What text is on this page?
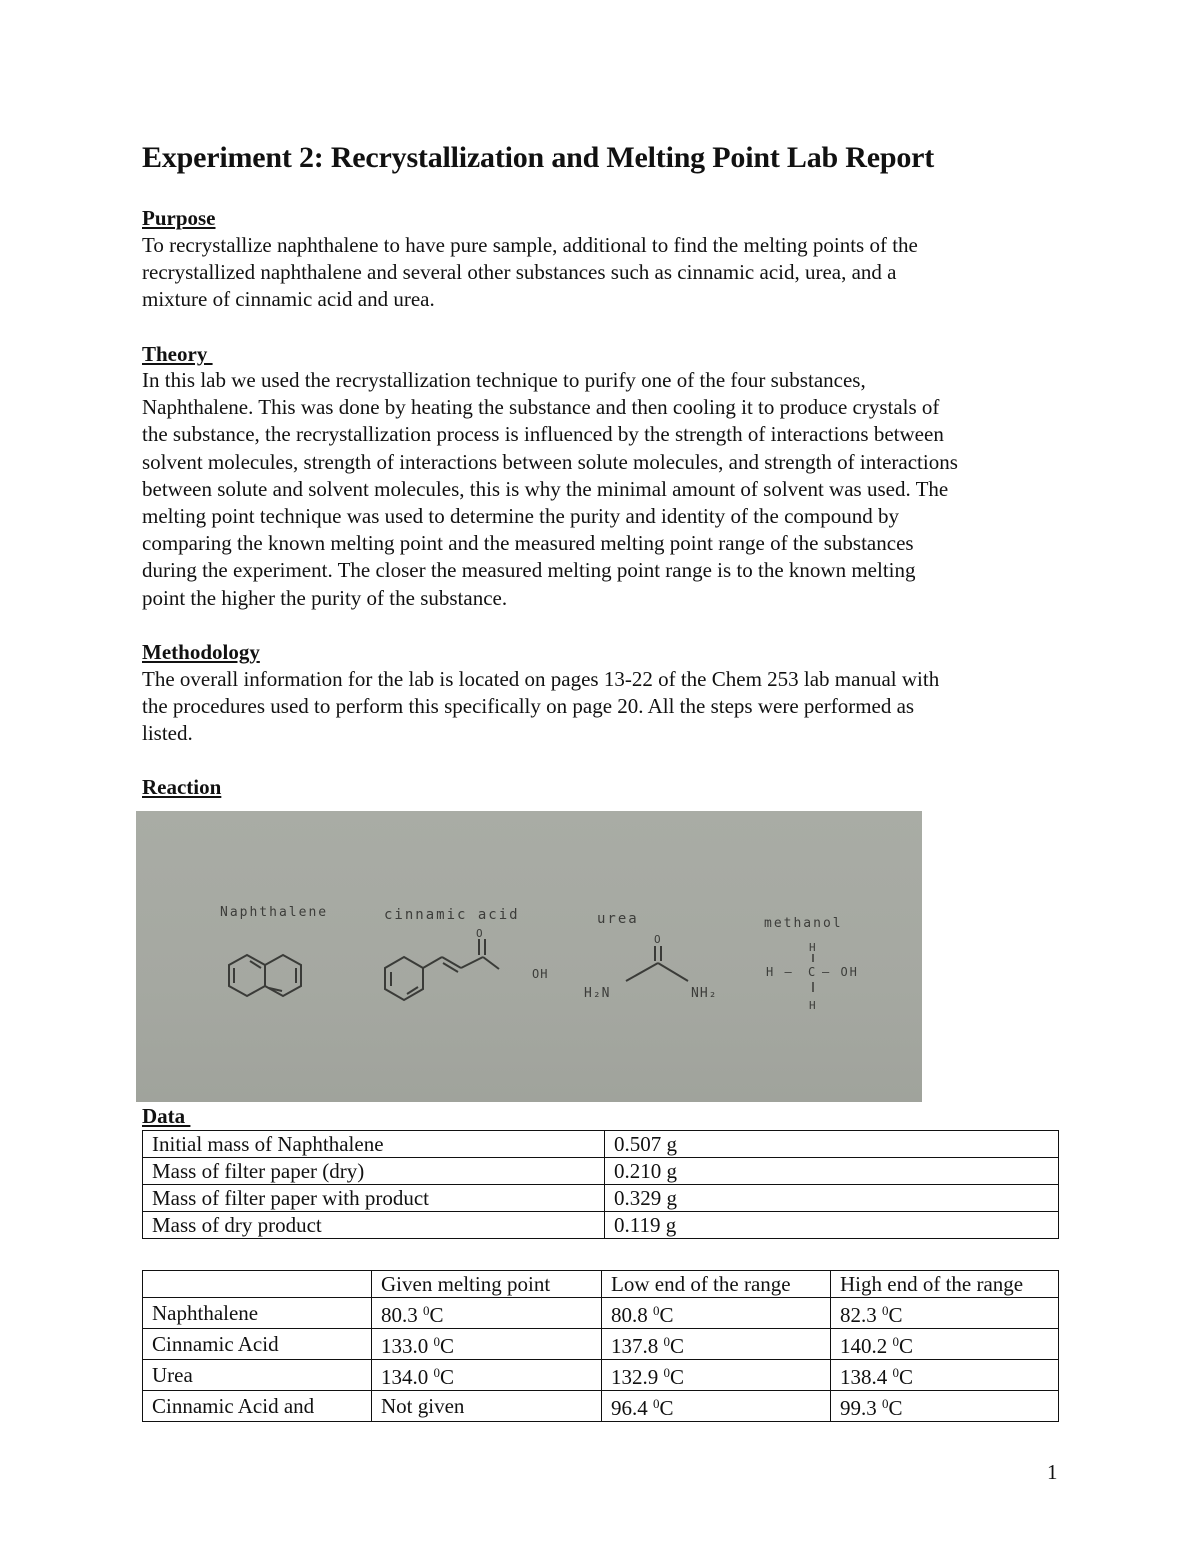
Experiment 2: Recrystallization and Melting Point Lab Report
Purpose

To recrystallize naphthalene to have pure sample, additional to find the melting points of the
recrystallized naphthalene and several other substances such as cinnamic acid, urea, and a
mixture of cinnamic acid and urea.

Theory

In this lab we used the recrystallization technique to purify one of the four substances,
Naphthalene. This was done by heating the substance and then cooling it to produce crystals of
the substance, the recrystallization process is influenced by the strength of interactions between
solvent molecules, strength of interactions between solute molecules, and strength of interactions
between solute and solvent molecules, this is why the minimal amount of solvent was used. The
melting point technique was used to determine the purity and identity of the compound by
comparing the known melting point and the measured melting point range of the substances
during the experiment. The closer the measured melting point range is to the known melting
point the higher the purity of the substance.

Methodology

The overall information for the lab is located on pages 13-22 of the Chem 253 lab manual with
the procedures used to perform this specifically on page 20. All the steps were performed as
listed.

Reaction
Naphthalene	cinnamic acid	urea	methanol
O
OH
O
H₂N	NH₂
H
H – C – OH
H
Data
Initial mass of Naphthalene	0.507 g
Mass of filter paper (dry)	0.210 g
Mass of filter paper with product	0.329 g
Mass of dry product	0.119 g
	Given melting point	Low end of the range	High end of the range
Naphthalene	80.3 $^0$C	80.8 $^0$C	82.3 $^0$C
Cinnamic Acid	133.0 $^0$C	137.8 $^0$C	140.2 $^0$C
Urea	134.0 $^0$C	132.9 $^0$C	138.4 $^0$C
Cinnamic Acid and	Not given	96.4 $^0$C	99.3 $^0$C
1
